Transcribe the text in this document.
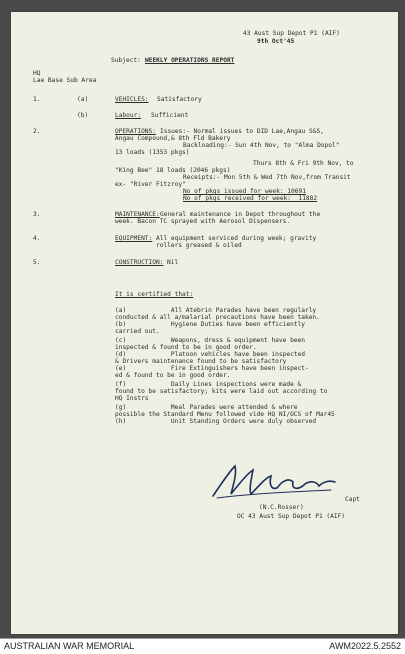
43 Aust Sup Depot P1 (AIF)
9th Oct'45
Subject: WEEKLY OPERATIONS REPORT
HQ
Lae Base Sub Area
1.	(a)	VEHICLES: Satisfactory
(b)	Labour: Sufficient
2.	OPERATIONS: Issues:- Normal issues to DID Lae,Angau S&S,
Angau Compound,& 8th Fld Bakery
Backloading:- Sun 4th Nov, to "Alma Dopol"
13 loads (1353 pkgs)
Thurs 8th & Fri 9th Nov, to
"King Bee" 18 loads (2046 pkgs)
Receipts:- Mon 5th & Wed 7th Nov,from Transit
ex- "River Fitzroy"
No of pkgs issued for week: 10691
No of pkgs received for week:  11882
3.	MAINTENANCE: General maintenance in Depot throughout the
week. Bacon TC sprayed with Aerosol Dispensers.
4.	EQUIPMENT: All equipment serviced during week; gravity
rollers greased & oiled
5.	CONSTRUCTION: Nil
It is certified that:
(a)            All Atebrin Parades have been regularly
conducted & all a/malarial precautions have been taken.
(b)            Hygiene Duties have been efficiently
carried out.
(c)            Weapons, dress & equipment have been
inspected & found to be in good order.
(d)            Platoon vehicles have been inspected
& Drivers maintenance found to be satisfactory
(e)            Fire Extinguishers have been inspect-
ed & found to be in good order.
(f)            Daily Lines inspections were made &
found to be satisfactory; kits were laid out according to
HQ Instrs
(g)            Meal Parades were attended & where
possible the Standard Menu followed vide HQ NI/OCS of Mar45
(h)            Unit Standing Orders were duly observed
Capt
(N.C.Rosser)
OC 43 Aust Sup Depot P1 (AIF)
AUSTRALIAN WAR MEMORIAL	AWM2022.5.2552
